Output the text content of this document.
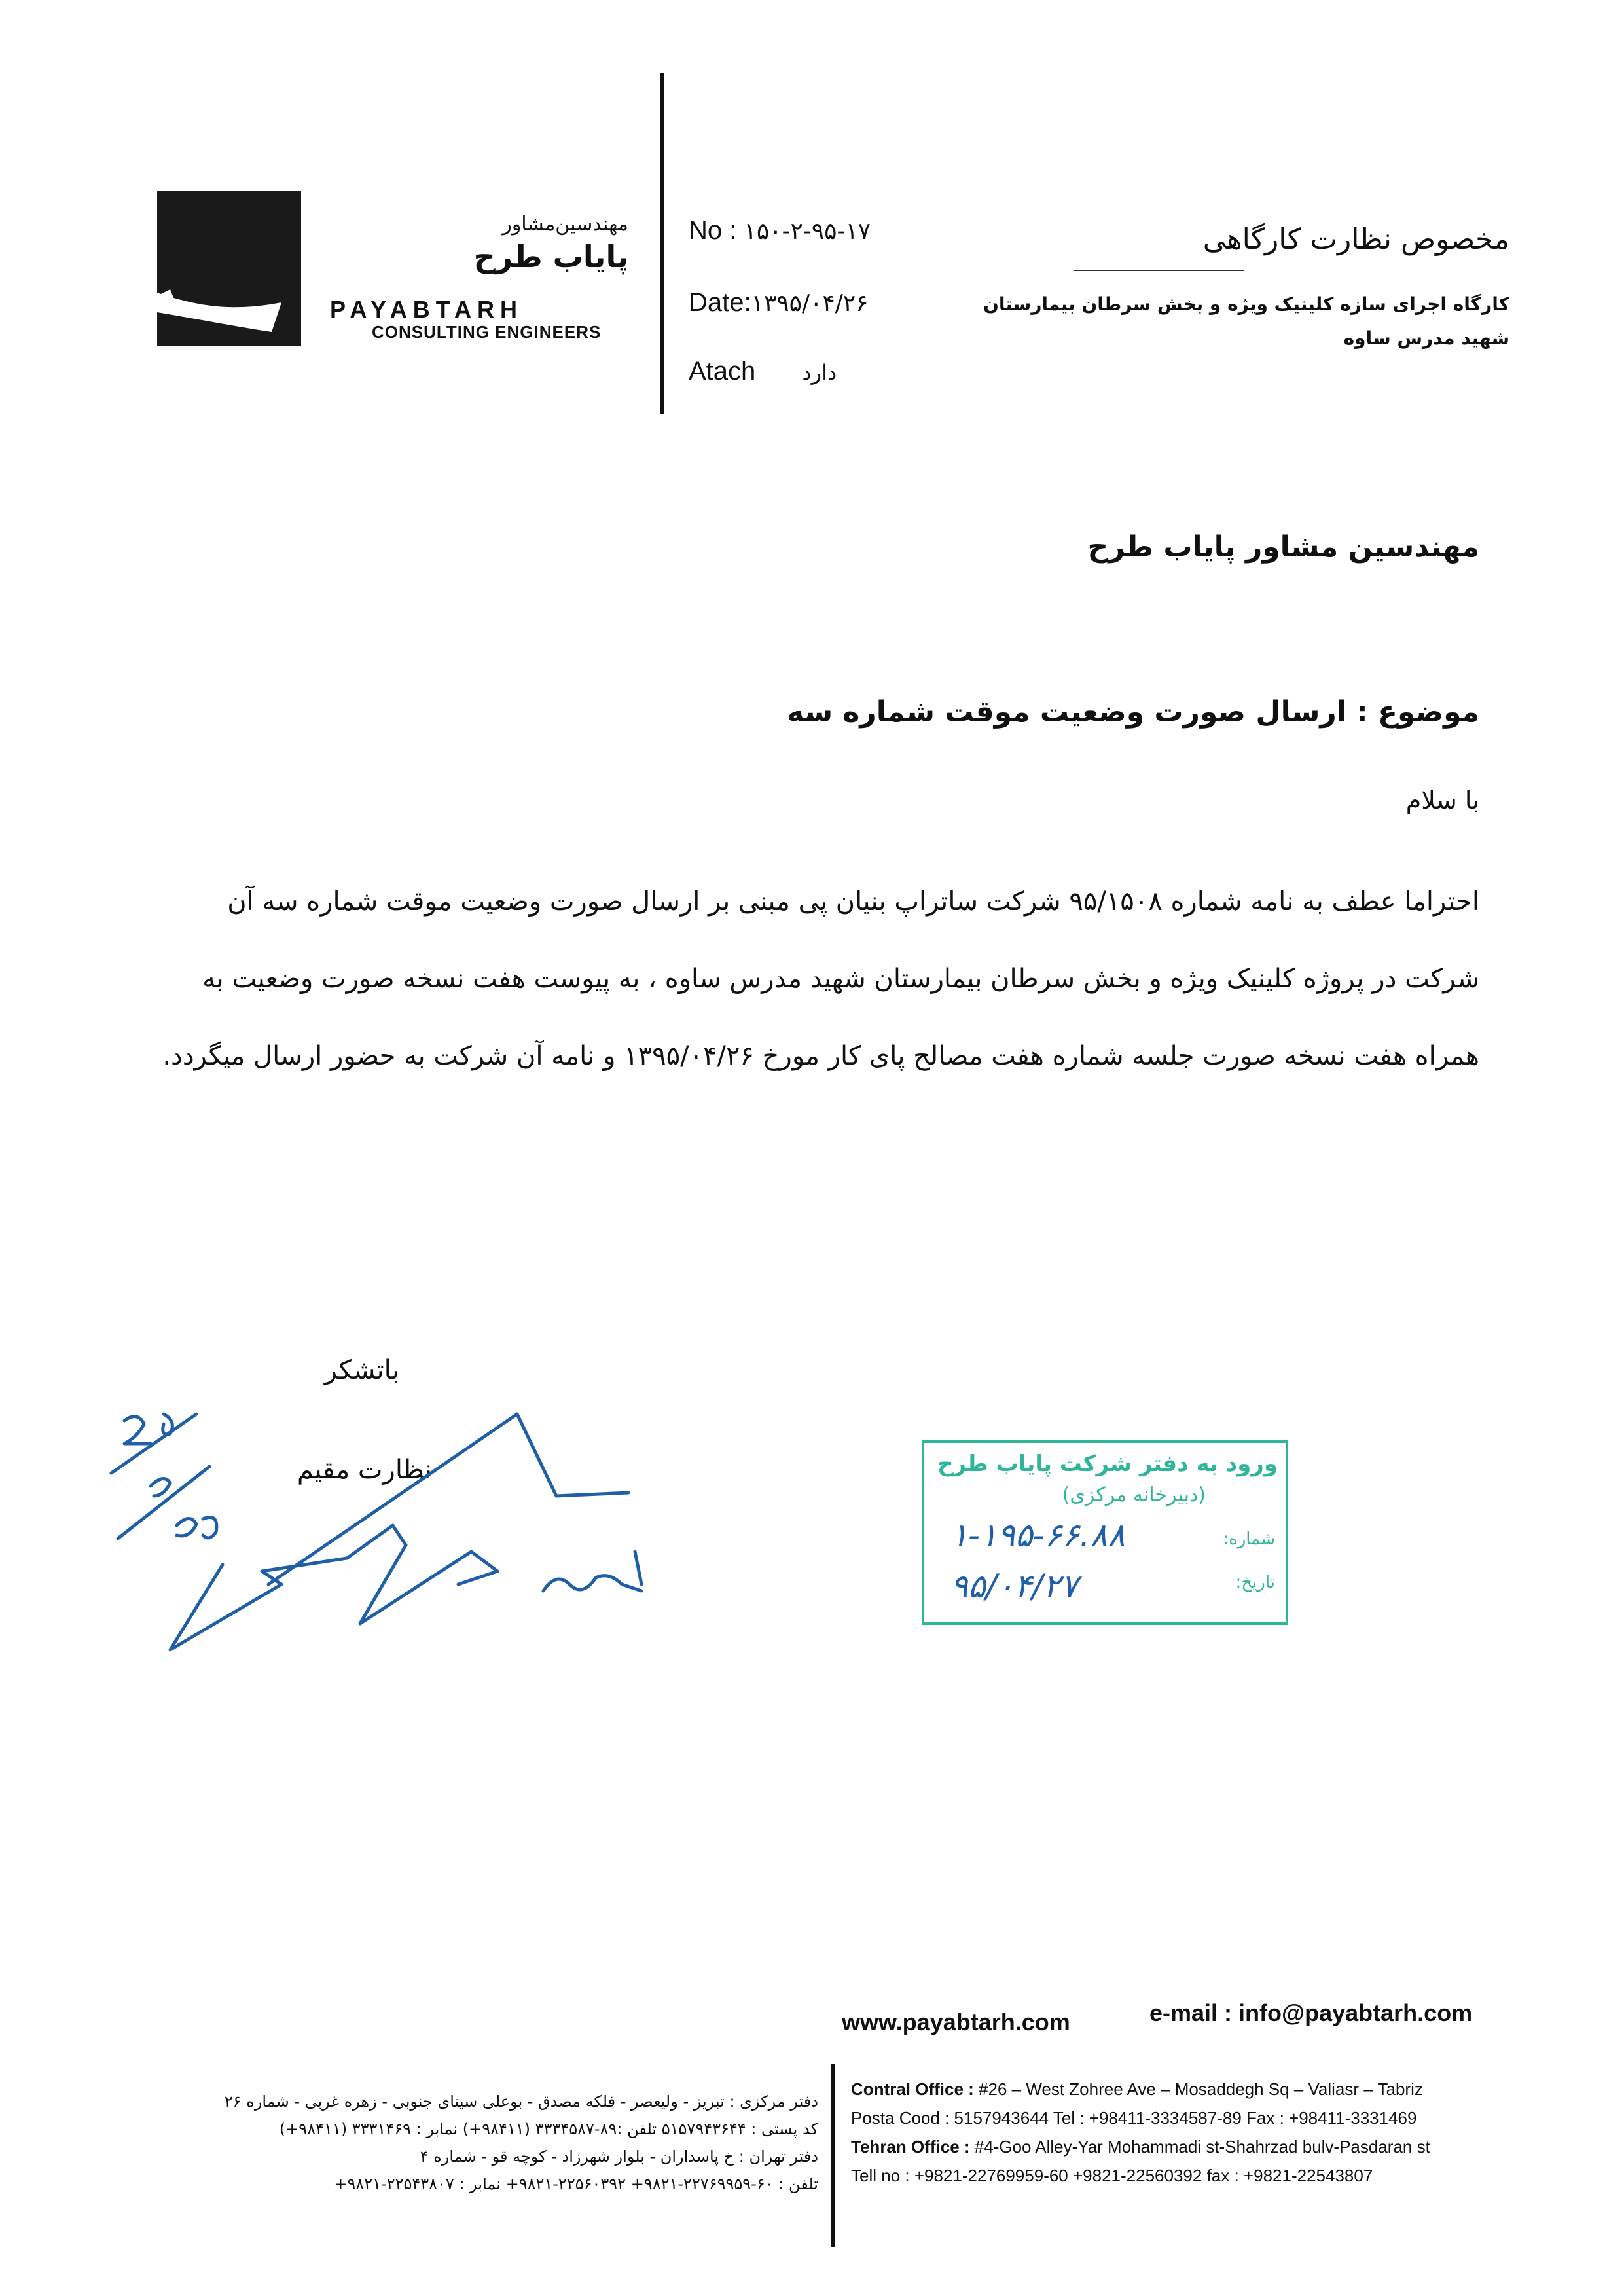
مهندسین‌مشاور
پایاب طرح
PAYABTARH
CONSULTING ENGINEERS
No : ۱۵۰-۲-۹۵-۱۷
Date:۱۳۹۵/۰۴/۲۶
Atach دارد
مخصوص نظارت کارگاهی
کارگاه اجرای سازه کلینیک ویژه و بخش سرطان بیمارستان
شهید مدرس ساوه
مهندسین مشاور پایاب طرح
موضوع : ارسال صورت وضعیت موقت شماره سه
با سلام
احتراما عطف به نامه شماره ۹۵/۱۵۰۸ شرکت ساتراپ بنیان پی مبنی بر ارسال صورت وضعیت موقت شماره سه آن شرکت در پروژه کلینیک ویژه و بخش سرطان بیمارستان شهید مدرس ساوه ، به پیوست هفت نسخه صورت وضعیت به همراه هفت نسخه صورت جلسه شماره هفت مصالح پای کار مورخ ۱۳۹۵/۰۴/۲۶ و نامه آن شرکت به حضور ارسال میگردد.
باتشکر
نظارت مقیم	ورود به دفتر شرکت پایاب طرح
(دبیرخانه مرکزی)
شماره:
تاریخ:
۱-۱۹۵-۶۶.۸۸
۹۵/۰۴/۲۷
www.payabtarh.com	e-mail : info@payabtarh.com
Contral Office : #26 – West Zohree Ave – Mosaddegh Sq – Valiasr – Tabriz
Posta Cood : 5157943644 Tel : +98411-3334587-89 Fax : +98411-3331469
Tehran Office : #4-Goo Alley-Yar Mohammadi st-Shahrzad bulv-Pasdaran st
Tell no : +9821-22769959-60 +9821-22560392 fax : +9821-22543807
دفتر مرکزی : تبریز - ولیعصر - فلکه مصدق - بوعلی سینای جنوبی - زهره غربی - شماره ۲۶
کد پستی : ۵۱۵۷۹۴۳۶۴۴ تلفن :۸۹-۳۳۳۴۵۸۷ (۹۸۴۱۱+) نمابر : ۳۳۳۱۴۶۹ (۹۸۴۱۱+)
دفتر تهران : خ پاسداران - بلوار شهرزاد - کوچه قو - شماره ۴
تلفن : ۶۰-۲۲۷۶۹۹۵۹-۹۸۲۱+ ۲۲۵۶۰۳۹۲-۹۸۲۱+ نمابر : ۲۲۵۴۳۸۰۷-۹۸۲۱+
